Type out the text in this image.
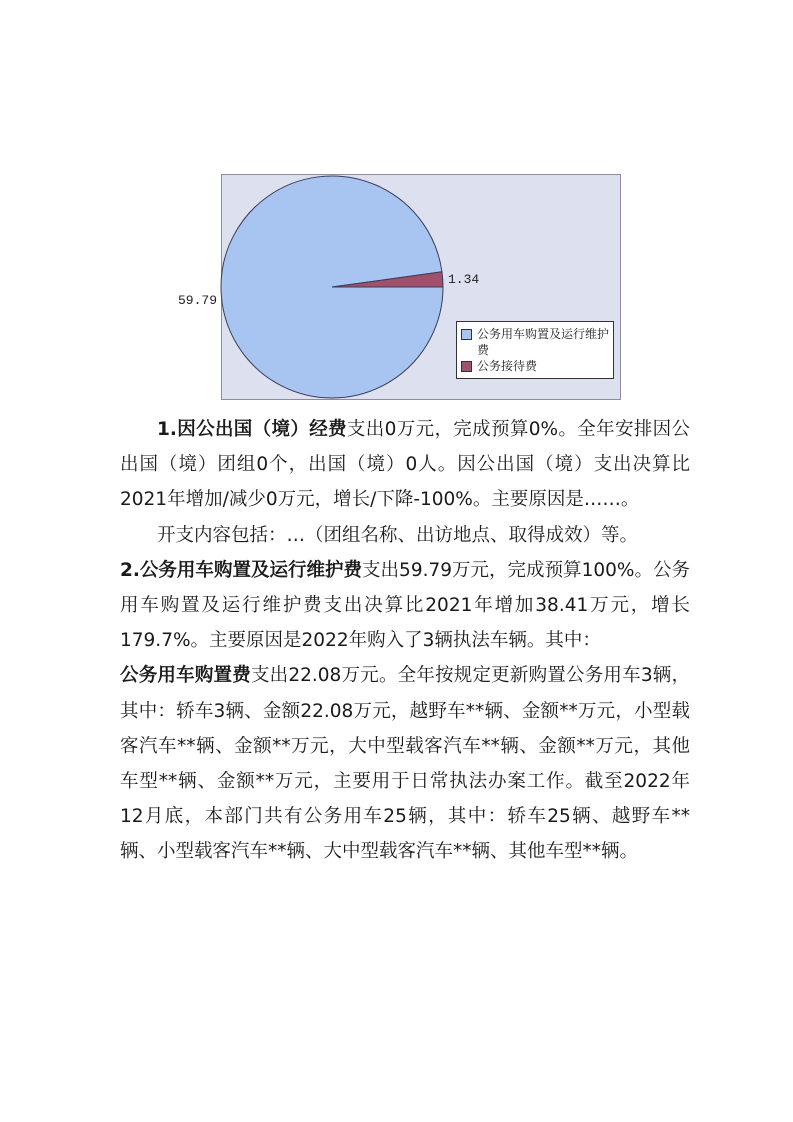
59.79
1.34
公务用车购置及运行维护费
公务接待费

1.因公出国（境）经费支出0万元，完成预算0%。全年安排因公出国（境）团组0个，出国（境）0人。因公出国（境）支出决算比2021年增加/减少0万元，增长/下降-100%。主要原因是……。

开支内容包括：…（团组名称、出访地点、取得成效）等。

2.公务用车购置及运行维护费支出59.79万元，完成预算100%。公务用车购置及运行维护费支出决算比2021年增加38.41万元，增长179.7%。主要原因是2022年购入了3辆执法车辆。其中：

公务用车购置费支出22.08万元。全年按规定更新购置公务用车3辆，其中：轿车3辆、金额22.08万元，越野车**辆、金额**万元，小型载客汽车**辆、金额**万元，大中型载客汽车**辆、金额**万元，其他车型**辆、金额**万元，主要用于日常执法办案工作。截至2022年12月底，本部门共有公务用车25辆，其中：轿车25辆、越野车**辆、小型载客汽车**辆、大中型载客汽车**辆、其他车型**辆。
